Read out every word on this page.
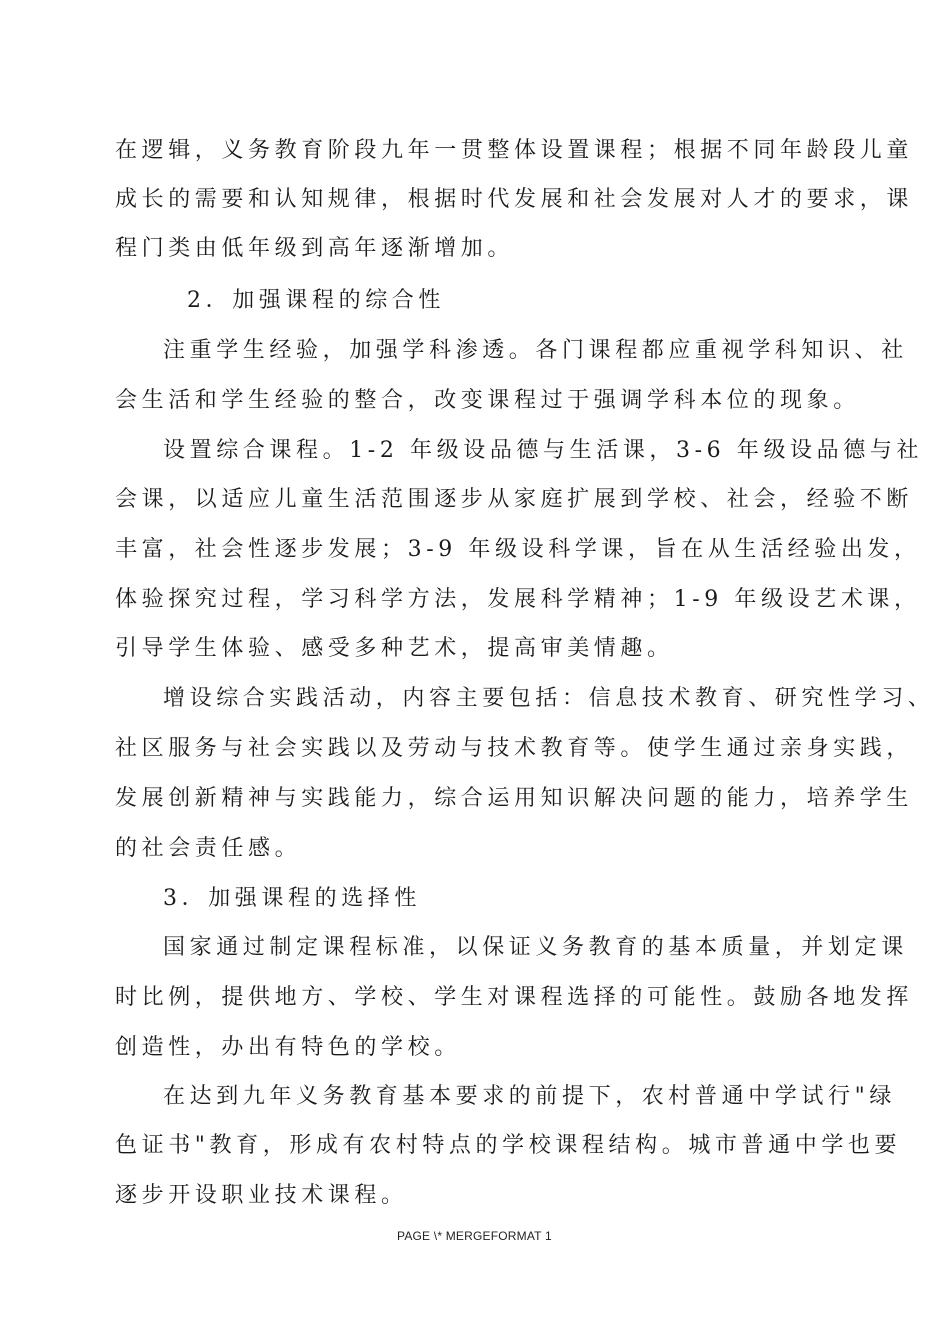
在逻辑，义务教育阶段九年一贯整体设置课程；根据不同年龄段儿童
成长的需要和认知规律，根据时代发展和社会发展对人才的要求，课
程门类由低年级到高年逐渐增加。
2．加强课程的综合性
注重学生经验，加强学科渗透。各门课程都应重视学科知识、社
会生活和学生经验的整合，改变课程过于强调学科本位的现象。
设置综合课程。1-2 年级设品德与生活课，3-6 年级设品德与社
会课，以适应儿童生活范围逐步从家庭扩展到学校、社会，经验不断
丰富，社会性逐步发展；3-9 年级设科学课，旨在从生活经验出发，
体验探究过程，学习科学方法，发展科学精神；1-9 年级设艺术课，
引导学生体验、感受多种艺术，提高审美情趣。
增设综合实践活动，内容主要包括：信息技术教育、研究性学习、
社区服务与社会实践以及劳动与技术教育等。使学生通过亲身实践，
发展创新精神与实践能力，综合运用知识解决问题的能力，培养学生
的社会责任感。
3．加强课程的选择性
国家通过制定课程标准，以保证义务教育的基本质量，并划定课
时比例，提供地方、学校、学生对课程选择的可能性。鼓励各地发挥
创造性，办出有特色的学校。
在达到九年义务教育基本要求的前提下，农村普通中学试行"绿
色证书"教育，形成有农村特点的学校课程结构。城市普通中学也要
逐步开设职业技术课程。
PAGE \* MERGEFORMAT 1
